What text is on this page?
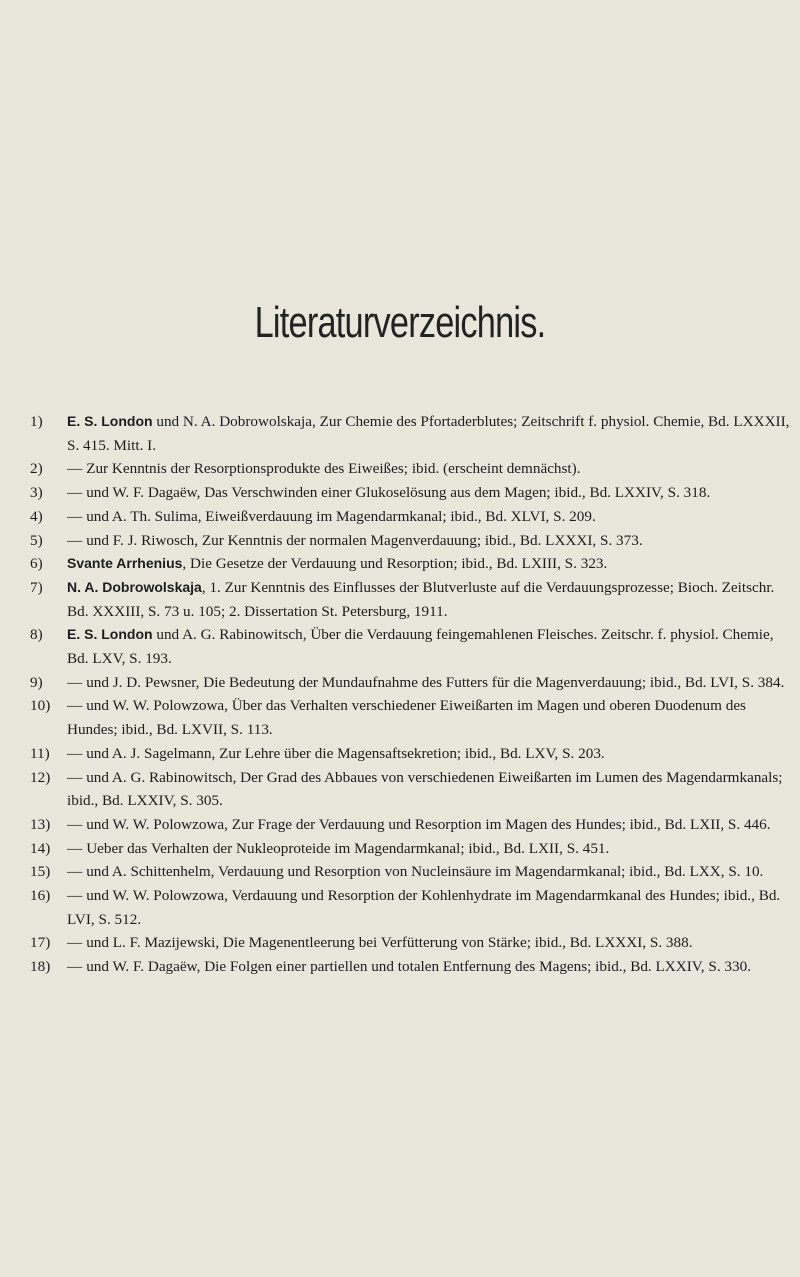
Literaturverzeichnis.

1) E. S. London und N. A. Dobrowolskaja, Zur Chemie des Pfortaderblutes; Zeitschrift f. physiol. Chemie, Bd. LXXXII, S. 415. Mitt. I.

2) — Zur Kenntnis der Resorptionsprodukte des Eiweißes; ibid. (erscheint demnächst).

3) — und W. F. Dagaëw, Das Verschwinden einer Glukoselösung aus dem Magen; ibid., Bd. LXXIV, S. 318.

4) — und A. Th. Sulima, Eiweißverdauung im Magendarmkanal; ibid., Bd. XLVI, S. 209.

5) — und F. J. Riwosch, Zur Kenntnis der normalen Magenverdauung; ibid., Bd. LXXXI, S. 373.

6) Svante Arrhenius, Die Gesetze der Verdauung und Resorption; ibid., Bd. LXIII, S. 323.

7) N. A. Dobrowolskaja, 1. Zur Kenntnis des Einflusses der Blutverluste auf die Verdauungsprozesse; Bioch. Zeitschr. Bd. XXXIII, S. 73 u. 105; 2. Dissertation St. Petersburg, 1911.

8) E. S. London und A. G. Rabinowitsch, Über die Verdauung feingemahlenen Fleisches. Zeitschr. f. physiol. Chemie, Bd. LXV, S. 193.

9) — und J. D. Pewsner, Die Bedeutung der Mundaufnahme des Futters für die Magenverdauung; ibid., Bd. LVI, S. 384.

10) — und W. W. Polowzowa, Über das Verhalten verschiedener Eiweißarten im Magen und oberen Duodenum des Hundes; ibid., Bd. LXVII, S. 113.

11) — und A. J. Sagelmann, Zur Lehre über die Magensaftsekretion; ibid., Bd. LXV, S. 203.

12) — und A. G. Rabinowitsch, Der Grad des Abbaues von verschiedenen Eiweißarten im Lumen des Magendarmkanals; ibid., Bd. LXXIV, S. 305.

13) — und W. W. Polowzowa, Zur Frage der Verdauung und Resorption im Magen des Hundes; ibid., Bd. LXII, S. 446.

14) — Ueber das Verhalten der Nukleoproteide im Magendarmkanal; ibid., Bd. LXII, S. 451.

15) — und A. Schittenhelm, Verdauung und Resorption von Nucleinsäure im Magendarmkanal; ibid., Bd. LXX, S. 10.

16) — und W. W. Polowzowa, Verdauung und Resorption der Kohlenhydrate im Magendarmkanal des Hundes; ibid., Bd. LVI, S. 512.

17) — und L. F. Mazijewski, Die Magenentleerung bei Verfütterung von Stärke; ibid., Bd. LXXXI, S. 388.

18) — und W. F. Dagaëw, Die Folgen einer partiellen und totalen Entfernung des Magens; ibid., Bd. LXXIV, S. 330.
